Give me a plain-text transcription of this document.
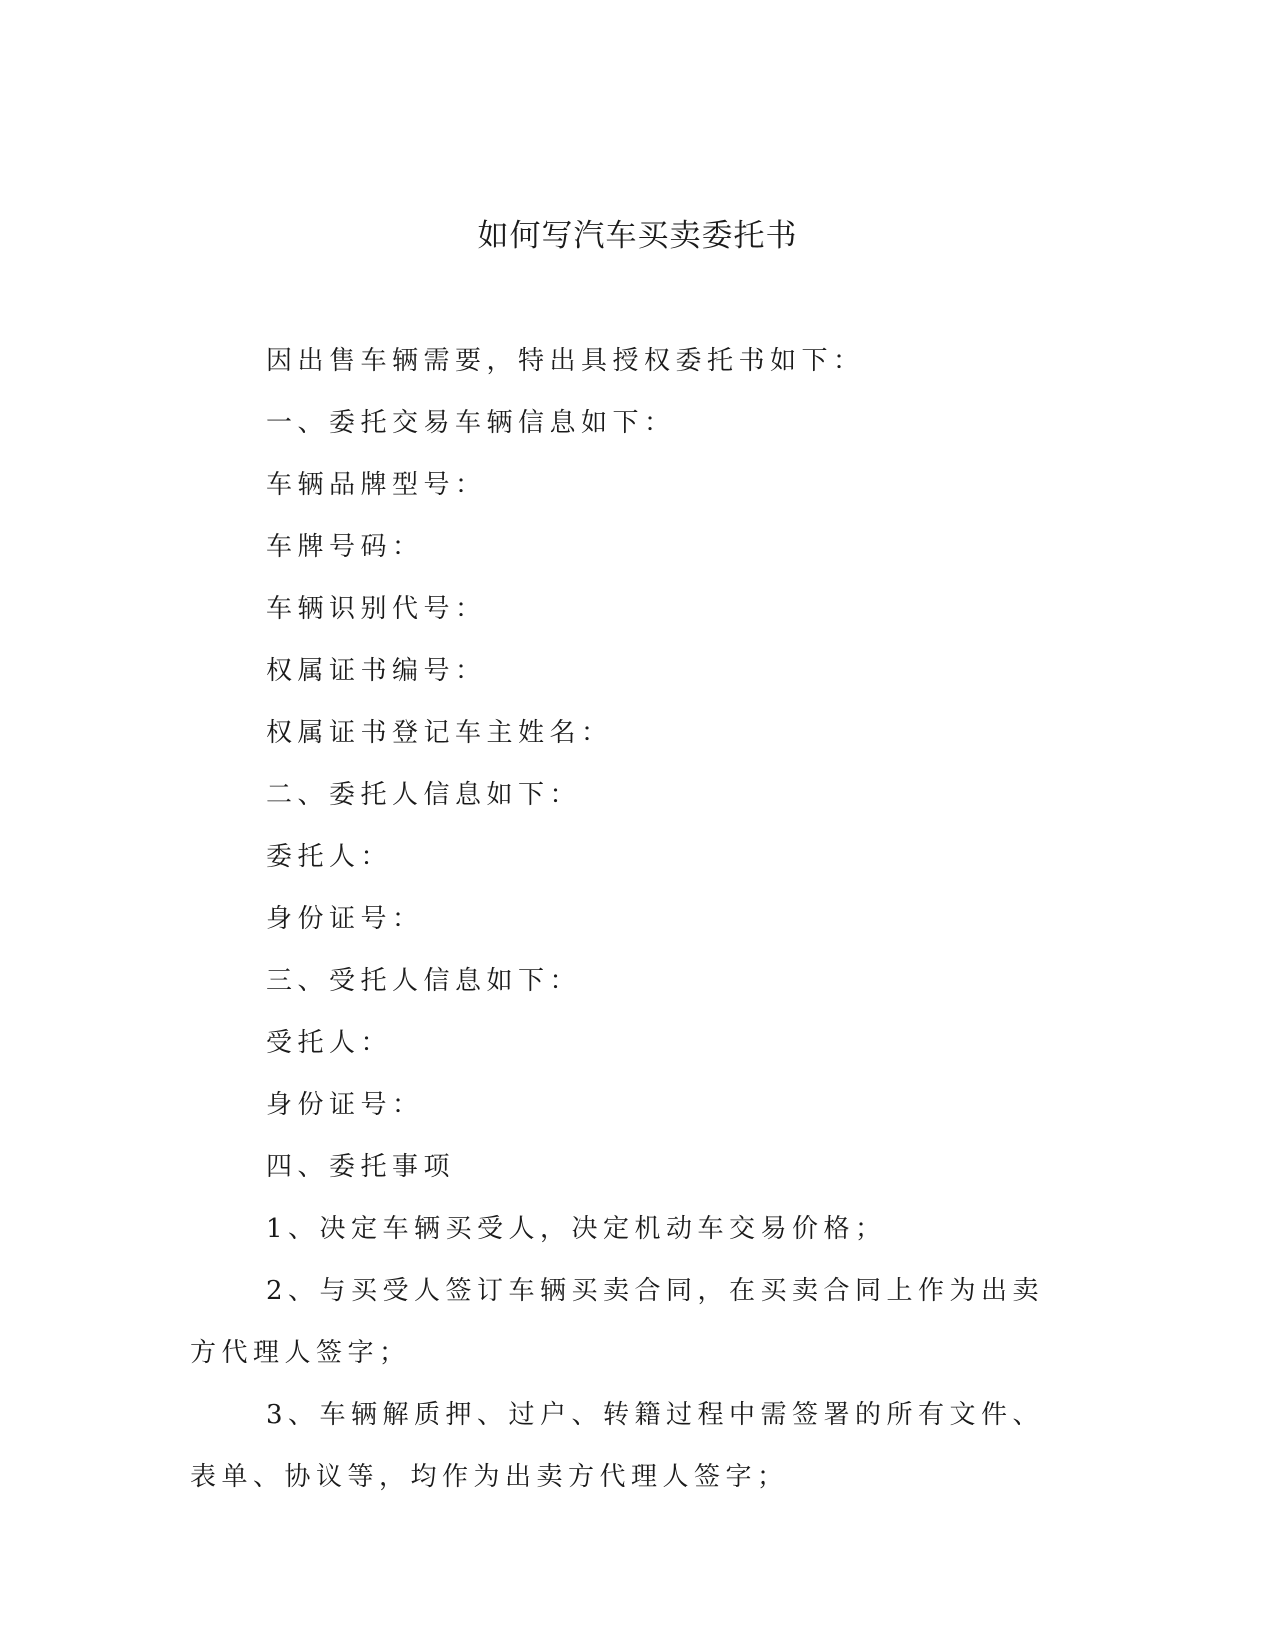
如何写汽车买卖委托书

因出售车辆需要，特出具授权委托书如下：

一、委托交易车辆信息如下：

车辆品牌型号：

车牌号码：

车辆识别代号：

权属证书编号：

权属证书登记车主姓名：

二、委托人信息如下：

委托人：

身份证号：

三、受托人信息如下：

受托人：

身份证号：

四、委托事项

1、决定车辆买受人，决定机动车交易价格；

2、与买受人签订车辆买卖合同，在买卖合同上作为出卖方代理人签字；

3、车辆解质押、过户、转籍过程中需签署的所有文件、表单、协议等，均作为出卖方代理人签字；
